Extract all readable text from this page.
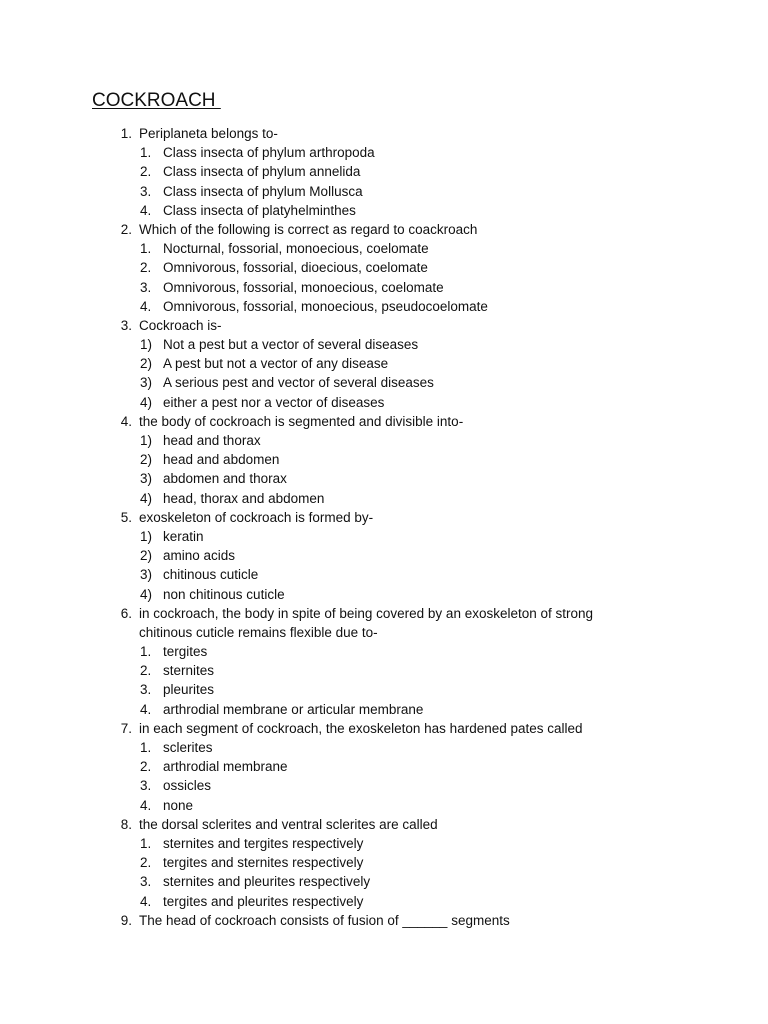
COCKROACH
1. Periplaneta belongs to-
1. Class insecta of phylum arthropoda
2. Class insecta of phylum annelida
3. Class insecta of phylum Mollusca
4. Class insecta of platyhelminthes
2. Which of the following is correct as regard to coackroach
1. Nocturnal, fossorial, monoecious, coelomate
2. Omnivorous, fossorial, dioecious, coelomate
3. Omnivorous, fossorial, monoecious, coelomate
4. Omnivorous, fossorial, monoecious, pseudocoelomate
3. Cockroach is-
1) Not a pest but a vector of several diseases
2) A pest but not a vector of any disease
3) A serious pest and vector of several diseases
4) either a pest nor a vector of diseases
4. the body of cockroach is segmented and divisible into-
1) head and thorax
2) head and abdomen
3) abdomen and thorax
4) head, thorax and abdomen
5. exoskeleton of cockroach is formed by-
1) keratin
2) amino acids
3) chitinous cuticle
4) non chitinous cuticle
6. in cockroach, the body in spite of being covered by an exoskeleton of strong
chitinous cuticle remains flexible due to-
1. tergites
2. sternites
3. pleurites
4. arthrodial membrane or articular membrane
7. in each segment of cockroach, the exoskeleton has hardened pates called
1. sclerites
2. arthrodial membrane
3. ossicles
4. none
8. the dorsal sclerites and ventral sclerites are called
1. sternites and tergites respectively
2. tergites and sternites respectively
3. sternites and pleurites respectively
4. tergites and pleurites respectively
9. The head of cockroach consists of fusion of ______ segments
